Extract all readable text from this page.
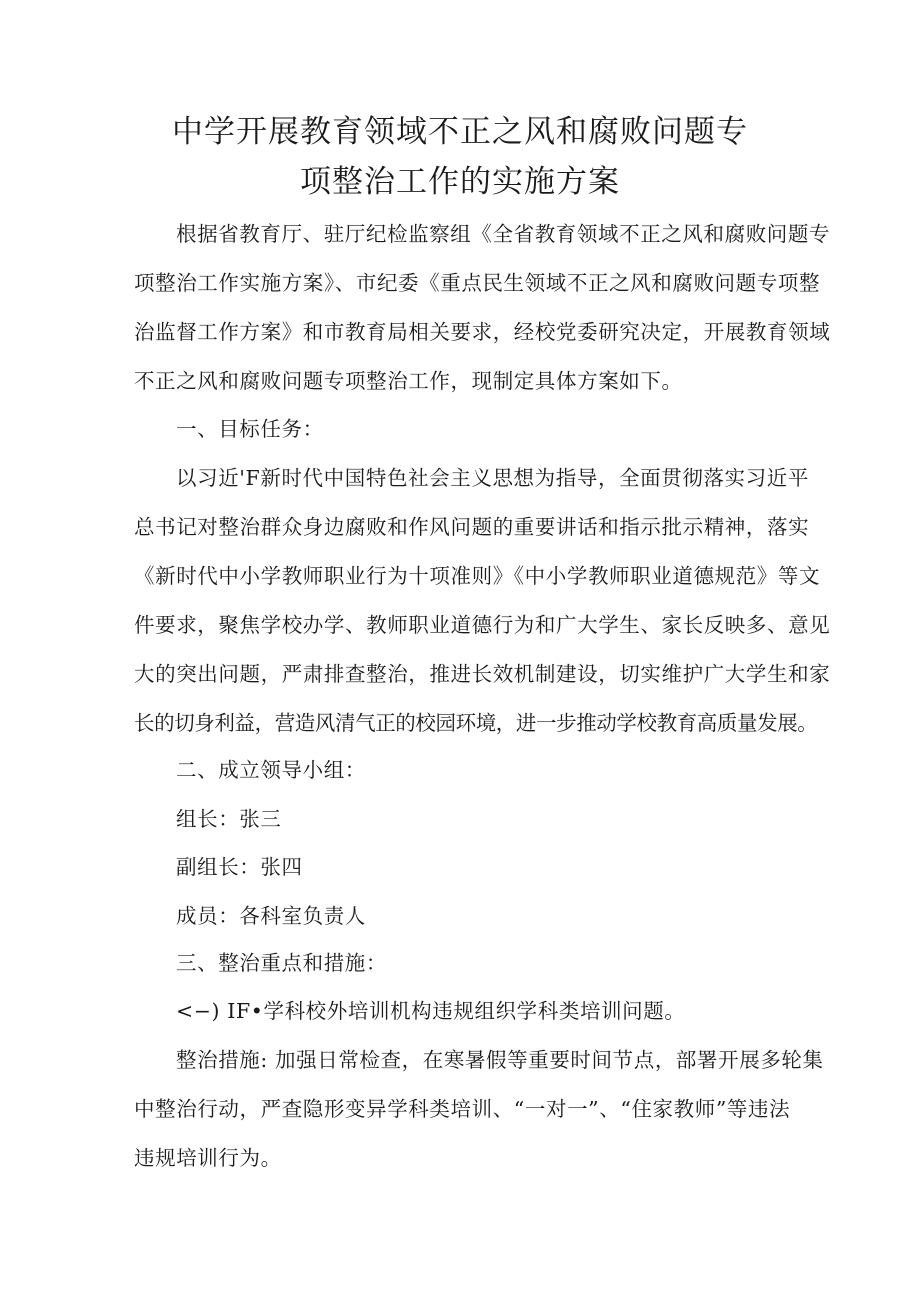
中学开展教育领域不正之风和腐败问题专
项整治工作的实施方案
根据省教育厅、驻厅纪检监察组《全省教育领域不正之风和腐败问题专
项整治工作实施方案》、市纪委《重点民生领域不正之风和腐败问题专项整
治监督工作方案》和市教育局相关要求，经校党委研究决定，开展教育领域
不正之风和腐败问题专项整治工作，现制定具体方案如下。
一、目标任务：
以习近'F新时代中国特色社会主义思想为指导，全面贯彻落实习近平
总书记对整治群众身边腐败和作风问题的重要讲话和指示批示精神，落实
《新时代中小学教师职业行为十项准则》《中小学教师职业道德规范》等文
件要求，聚焦学校办学、教师职业道德行为和广大学生、家长反映多、意见
大的突出问题，严肃排查整治，推进长效机制建设，切实维护广大学生和家
长的切身利益，营造风清气正的校园环境，进一步推动学校教育高质量发展。
二、成立领导小组：
组长：张三
副组长：张四
成员：各科室负责人
三、整治重点和措施：
<−) IF•学科校外培训机构违规组织学科类培训问题。
整治措施: 加强日常检查，在寒暑假等重要时间节点，部署开展多轮集
中整治行动，严查隐形变异学科类培训、“一对一”、“住家教师”等违法
违规培训行为。
